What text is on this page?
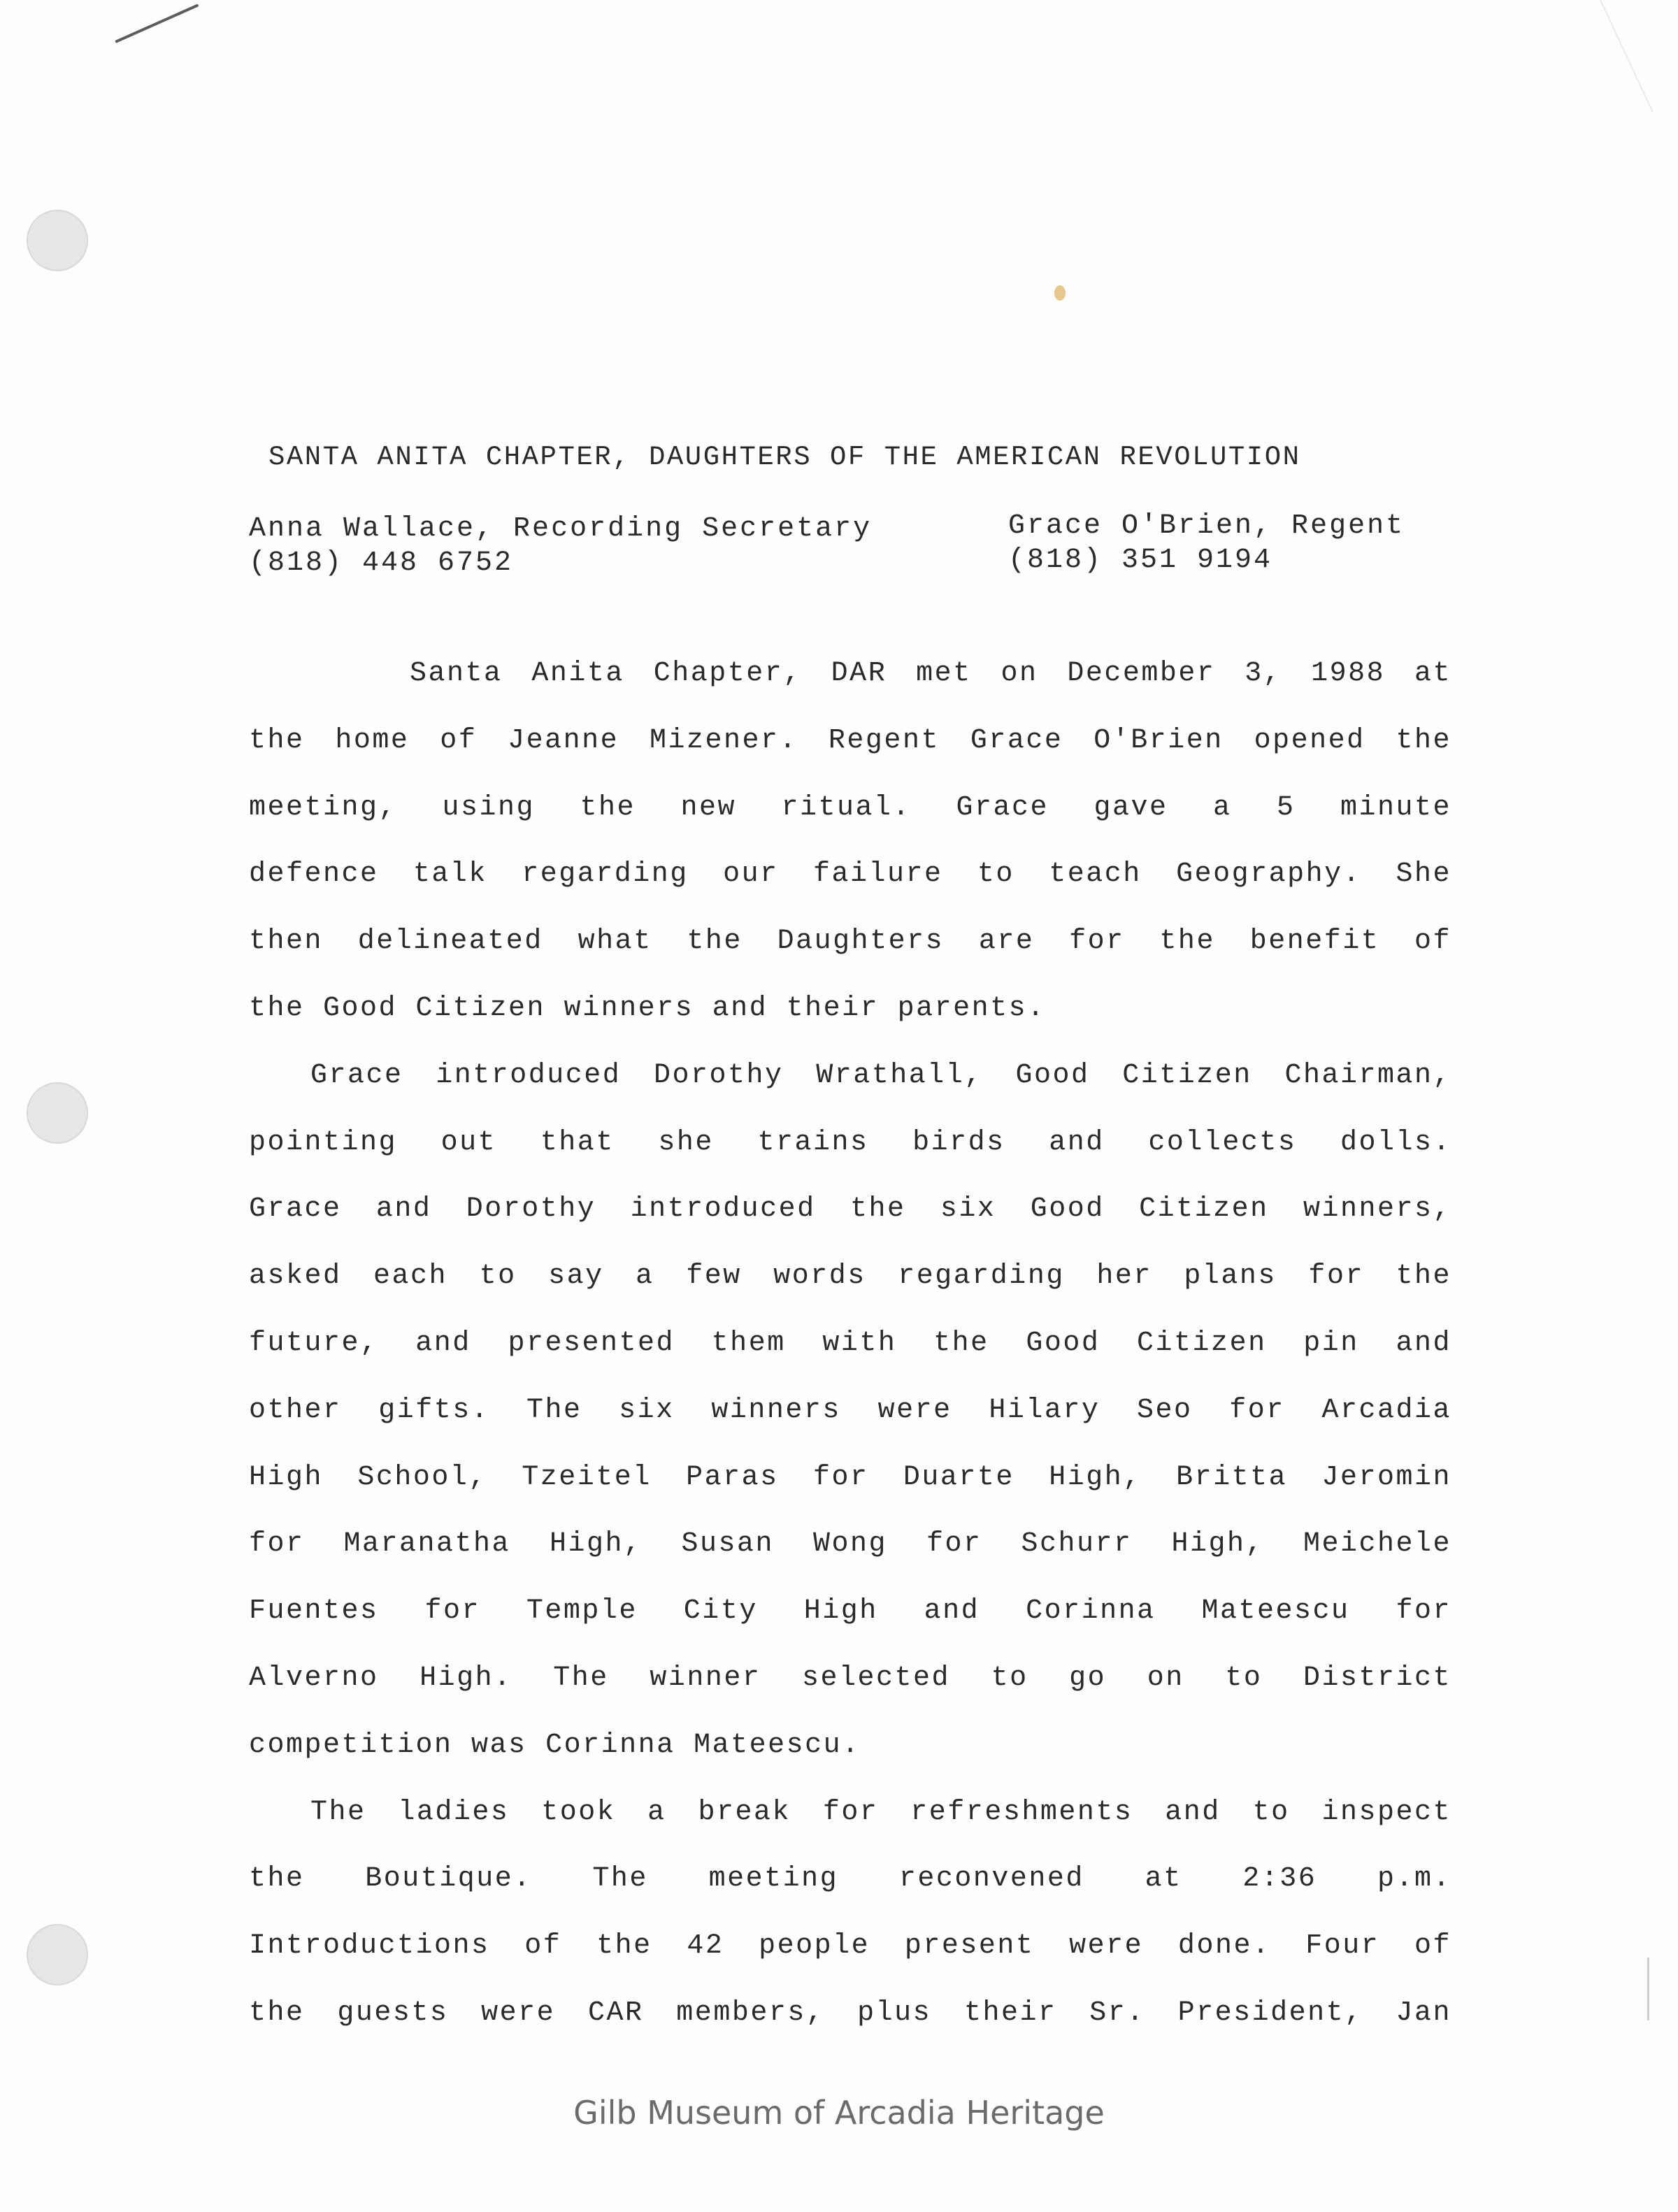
SANTA ANITA CHAPTER, DAUGHTERS OF THE AMERICAN REVOLUTION
Anna Wallace, Recording Secretary
(818) 448 6752
Grace O'Brien, Regent
(818) 351 9194

Santa Anita Chapter, DAR met on December 3, 1988 at

the home of Jeanne Mizener. Regent Grace O'Brien opened the

meeting, using the new ritual. Grace gave a 5 minute

defence talk regarding our failure to teach Geography. She

then delineated what the Daughters are for the benefit of

the Good Citizen winners and their parents.

Grace introduced Dorothy Wrathall, Good Citizen Chairman,

pointing out that she trains birds and collects dolls.

Grace and Dorothy introduced the six Good Citizen winners,

asked each to say a few words regarding her plans for the

future, and presented them with the Good Citizen pin and

other gifts. The six winners were Hilary Seo for Arcadia

High School, Tzeitel Paras for Duarte High, Britta Jeromin

for Maranatha High, Susan Wong for Schurr High, Meichele

Fuentes for Temple City High and Corinna Mateescu for

Alverno High. The winner selected to go on to District

competition was Corinna Mateescu.

The ladies took a break for refreshments and to inspect

the Boutique. The meeting reconvened at 2:36 p.m.

Introductions of the 42 people present were done. Four of

the guests were CAR members, plus their Sr. President, Jan

Gilb Museum of Arcadia Heritage
